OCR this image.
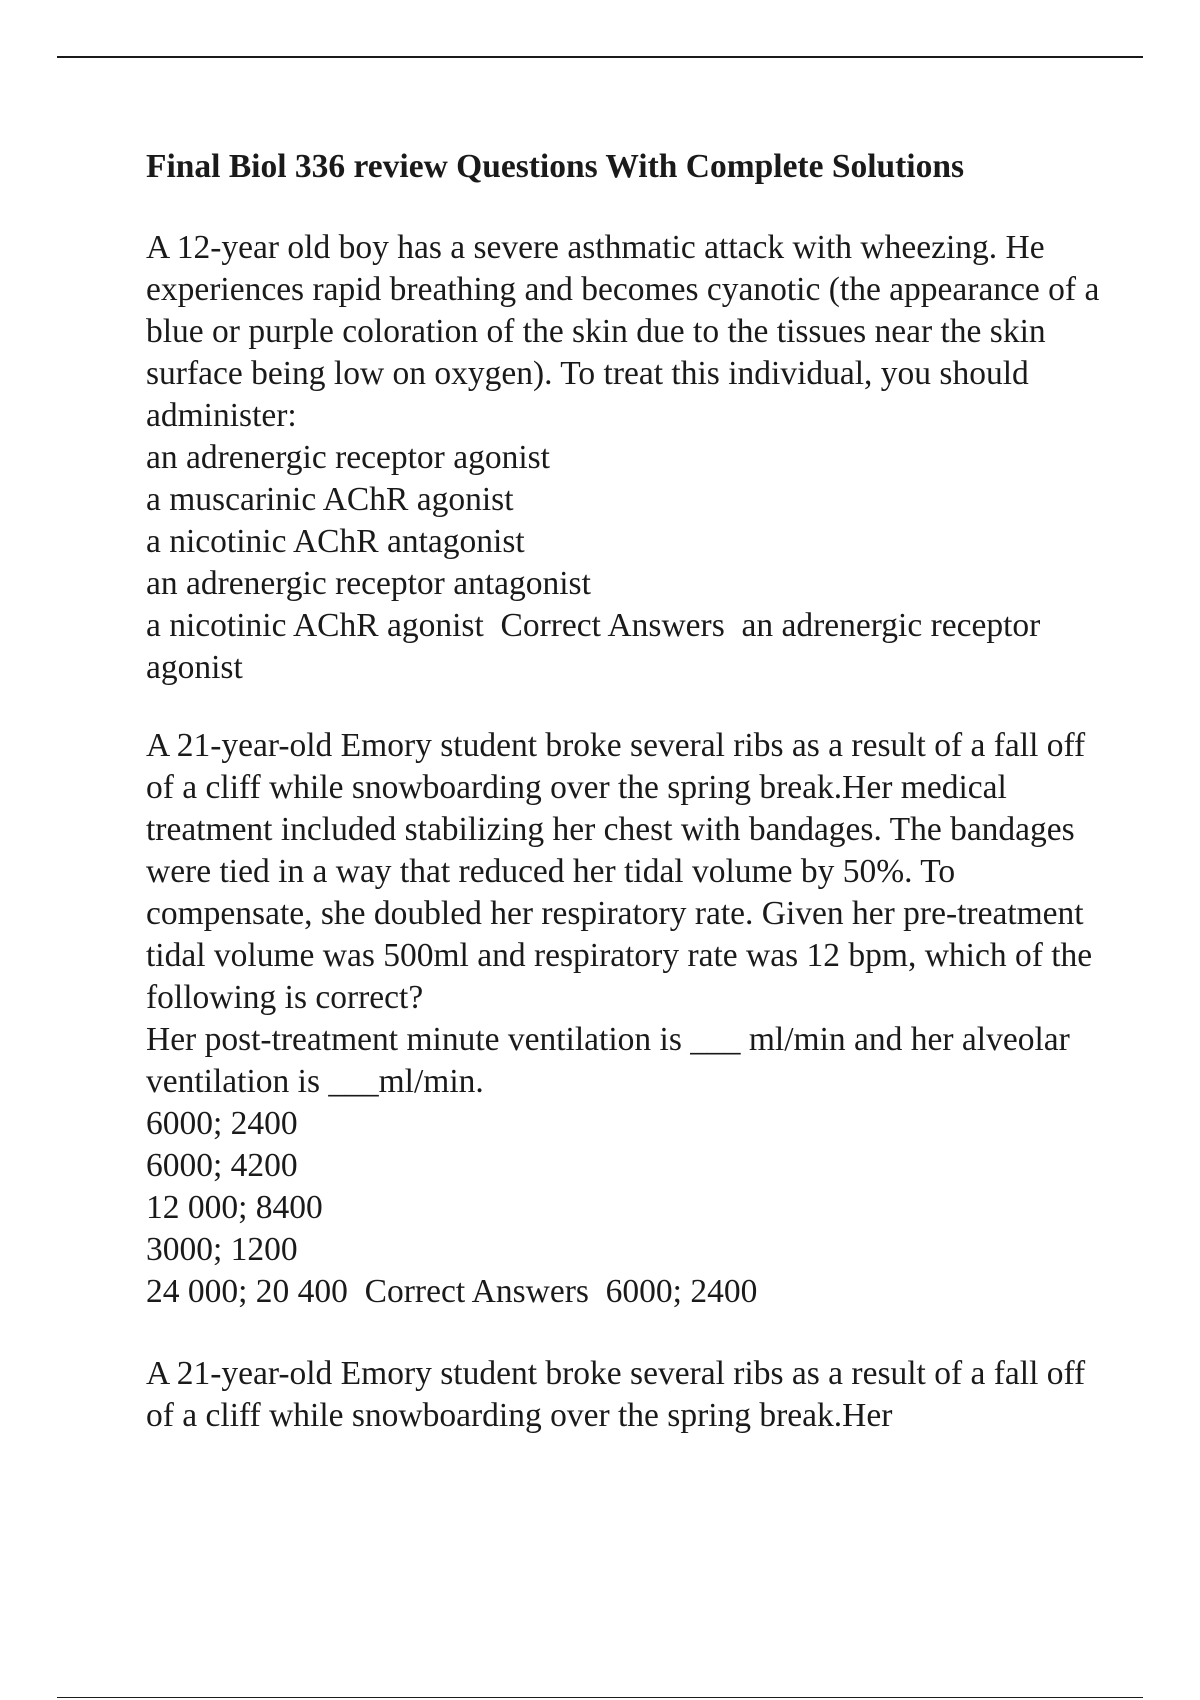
Final Biol 336 review Questions With Complete Solutions

A 12-year old boy has a severe asthmatic attack with wheezing. He experiences rapid breathing and becomes cyanotic (the appearance of a blue or purple coloration of the skin due to the tissues near the skin surface being low on oxygen). To treat this individual, you should administer:

an adrenergic receptor agonist

a muscarinic AChR agonist

a nicotinic AChR antagonist

an adrenergic receptor antagonist

a nicotinic AChR agonist  Correct Answers  an adrenergic receptor agonist

A 21-year-old Emory student broke several ribs as a result of a fall off of a cliff while snowboarding over the spring break.Her medical treatment included stabilizing her chest with bandages. The bandages were tied in a way that reduced her tidal volume by 50%. To compensate, she doubled her respiratory rate. Given her pre-treatment tidal volume was 500ml and respiratory rate was 12 bpm, which of the following is correct?

Her post-treatment minute ventilation is ___ ml/min and her alveolar ventilation is ___ml/min.

6000; 2400

6000; 4200

12 000; 8400

3000; 1200

24 000; 20 400  Correct Answers  6000; 2400

A 21-year-old Emory student broke several ribs as a result of a fall off of a cliff while snowboarding over the spring break.Her
